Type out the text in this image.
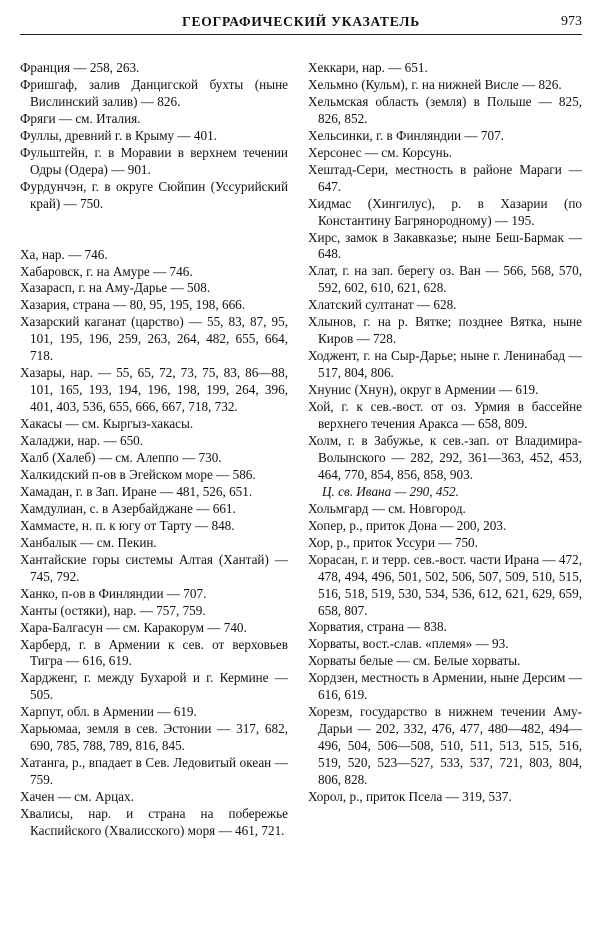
ГЕОГРАФИЧЕСКИЙ УКАЗАТЕЛЬ	973
Франция — 258, 263.
Фришгаф, залив Данцигской бухты (ныне Вислинский залив) — 826.
Фряги — см. Италия.
Фуллы, древний г. в Крыму — 401.
Фульштейн, г. в Моравии в верхнем течении Одры (Одера) — 901.
Фурдунчэн, г. в округе Сюйпин (Уссурийский край) — 750.
Ха, нар. — 746.
Хабаровск, г. на Амуре — 746.
Хазарасп, г. на Аму-Дарье — 508.
Хазария, страна — 80, 95, 195, 198, 666.
Хазарский каганат (царство) — 55, 83, 87, 95, 101, 195, 196, 259, 263, 264, 482, 655, 664, 718.
Хазары, нар. — 55, 65, 72, 73, 75, 83, 86—88, 101, 165, 193, 194, 196, 198, 199, 264, 396, 401, 403, 536, 655, 666, 667, 718, 732.
Хакасы — см. Кыргыз-хакасы.
Халаджи, нар. — 650.
Халб (Халеб) — см. Алеппо — 730.
Халкидский п-ов в Эгейском море — 586.
Хамадан, г. в Зап. Иране — 481, 526, 651.
Хамдулиан, с. в Азербайджане — 661.
Хаммасте, н. п. к югу от Тарту — 848.
Ханбалык — см. Пекин.
Хантайские горы системы Алтая (Хантай) — 745, 792.
Ханко, п-ов в Финляндии — 707.
Ханты (остяки), нар. — 757, 759.
Хара-Балгасун — см. Каракорум — 740.
Харберд, г. в Армении к сев. от верховьев Тигра — 616, 619.
Хардженг, г. между Бухарой и г. Кермине — 505.
Харпут, обл. в Армении — 619.
Харьюмаа, земля в сев. Эстонии — 317, 682, 690, 785, 788, 789, 816, 845.
Хатанга, р., впадает в Сев. Ледовитый океан — 759.
Хачен — см. Арцах.
Хвалисы, нар. и страна на побережье Каспийского (Хвалисского) моря — 461, 721.
Хеккари, нар. — 651.
Хельмно (Кульм), г. на нижней Висле — 826.
Хельмская область (земля) в Польше — 825, 826, 852.
Хельсинки, г. в Финляндии — 707.
Херсонес — см. Корсунь.
Хештад-Сери, местность в районе Мараги — 647.
Хидмас (Хингилус), р. в Хазарии (по Константину Багрянородному) — 195.
Хирс, замок в Закавказье; ныне Беш-Бармак — 648.
Хлат, г. на зап. берегу оз. Ван — 566, 568, 570, 592, 602, 610, 621, 628.
Хлатский султанат — 628.
Хлынов, г. на р. Вятке; позднее Вятка, ныне Киров — 728.
Ходжент, г. на Сыр-Дарье; ныне г. Ленинабад — 517, 804, 806.
Хнунис (Хнун), округ в Армении — 619.
Хой, г. к сев.-вост. от оз. Урмия в бассейне верхнего течения Аракса — 658, 809.
Холм, г. в Забужье, к сев.-зап. от Владимира-Волынского — 282, 292, 361—363, 452, 453, 464, 770, 854, 856, 858, 903.
Ц. св. Ивана — 290, 452.
Хольмгард — см. Новгород.
Хопер, р., приток Дона — 200, 203.
Хор, р., приток Уссури — 750.
Хорасан, г. и терр. сев.-вост. части Ирана — 472, 478, 494, 496, 501, 502, 506, 507, 509, 510, 515, 516, 518, 519, 530, 534, 536, 612, 621, 629, 659, 658, 807.
Хорватия, страна — 838.
Хорваты, вост.-слав. «племя» — 93.
Хорваты белые — см. Белые хорваты.
Хордзен, местность в Армении, ныне Дерсим — 616, 619.
Хорезм, государство в нижнем течении Аму-Дарьи — 202, 332, 476, 477, 480—482, 494—496, 504, 506—508, 510, 511, 513, 515, 516, 519, 520, 523—527, 533, 537, 721, 803, 804, 806, 828.
Хорол, р., приток Псела — 319, 537.
